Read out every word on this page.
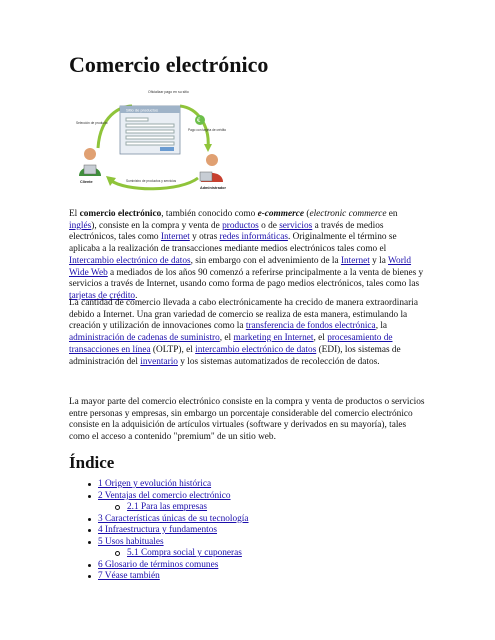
Comercio electrónico
Oficializar pago en su sitio
Sitio de productos
Selección de producto	€
Pago con tarjeta de crédito
Suministro de productos y servicios
Cliente
Administrador

El comercio electrónico, también conocido como e-commerce (electronic commerce en inglés), consiste en la compra y venta de productos o de servicios a través de medios electrónicos, tales como Internet y otras redes informáticas. Originalmente el término se aplicaba a la realización de transacciones mediante medios electrónicos tales como el Intercambio electrónico de datos, sin embargo con el advenimiento de la Internet y la World Wide Web a mediados de los años 90 comenzó a referirse principalmente a la venta de bienes y servicios a través de Internet, usando como forma de pago medios electrónicos, tales como las tarjetas de crédito.

La cantidad de comercio llevada a cabo electrónicamente ha crecido de manera extraordinaria debido a Internet. Una gran variedad de comercio se realiza de esta manera, estimulando la creación y utilización de innovaciones como la transferencia de fondos electrónica, la administración de cadenas de suministro, el marketing en Internet, el procesamiento de transacciones en línea (OLTP), el intercambio electrónico de datos (EDI), los sistemas de administración del inventario y los sistemas automatizados de recolección de datos.

La mayor parte del comercio electrónico consiste en la compra y venta de productos o servicios entre personas y empresas, sin embargo un porcentaje considerable del comercio electrónico consiste en la adquisición de artículos virtuales (software y derivados en su mayoría), tales como el acceso a contenido "premium" de un sitio web.

Índice
1 Origen y evolución histórica
2 Ventajas del comercio electrónico
2.1 Para las empresas
3 Características únicas de su tecnología
4 Infraestructura y fundamentos
5 Usos habituales
5.1 Compra social y cuponeras
6 Glosario de términos comunes
7 Véase también
